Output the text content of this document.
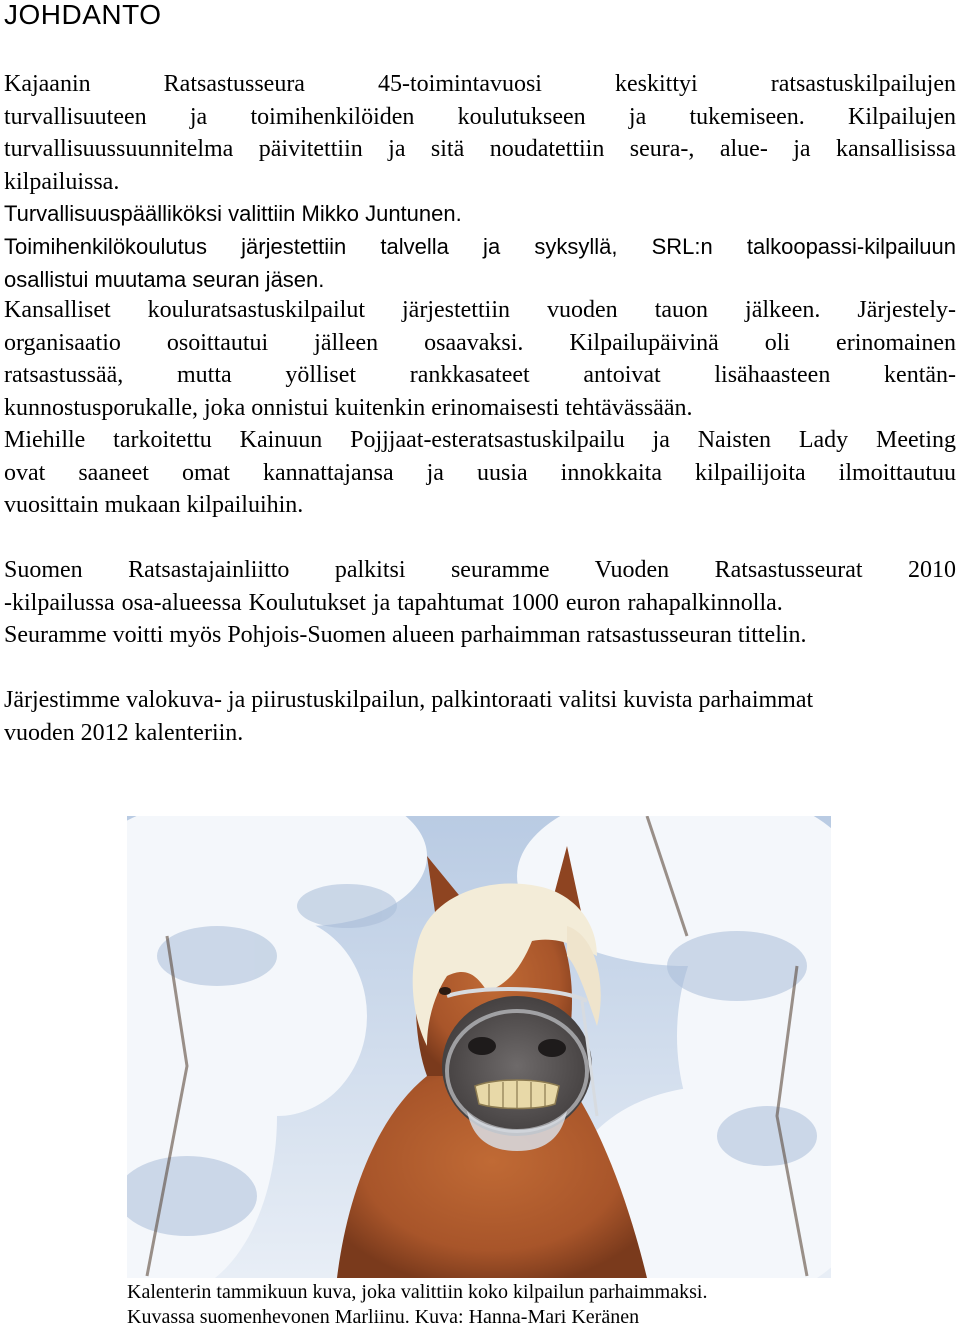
JOHDANTO
Kajaanin Ratsastusseura 45-toimintavuosi keskittyi ratsastuskilpailujen
turvallisuuteen ja toimihenkilöiden koulutukseen ja tukemiseen. Kilpailujen
turvallisuussuunnitelma päivitettiin ja sitä noudatettiin seura-, alue- ja kansallisissa
kilpailuissa.
Turvallisuuspäälliköksi valittiin Mikko Juntunen.
Toimihenkilökoulutus järjestettiin talvella ja syksyllä, SRL:n talkoopassi-kilpailuun
osallistui muutama seuran jäsen.
Kansalliset kouluratsastuskilpailut järjestettiin vuoden tauon jälkeen. Järjestely-
organisaatio osoittautui jälleen osaavaksi. Kilpailupäivinä oli erinomainen
ratsastussää, mutta yölliset rankkasateet antoivat lisähaasteen kentän-
kunnostusporukalle, joka onnistui kuitenkin erinomaisesti tehtävässään.
Miehille tarkoitettu Kainuun Pojjjaat-esteratsastuskilpailu ja Naisten Lady Meeting
ovat saaneet omat kannattajansa ja uusia innokkaita kilpailijoita ilmoittautuu
vuosittain mukaan kilpailuihin.
Suomen Ratsastajainliitto palkitsi seuramme Vuoden Ratsastusseurat 2010
-kilpailussa osa-alueessa Koulutukset ja tapahtumat 1000 euron rahapalkinnolla.
Seuramme voitti myös Pohjois-Suomen alueen parhaimman ratsastusseuran tittelin.
Järjestimme valokuva- ja piirustuskilpailun, palkintoraati valitsi kuvista parhaimmat
vuoden 2012 kalenteriin.
Kalenterin tammikuun kuva, joka valittiin koko kilpailun parhaimmaksi.
Kuvassa suomenhevonen Marliinu. Kuva: Hanna-Mari Keränen
